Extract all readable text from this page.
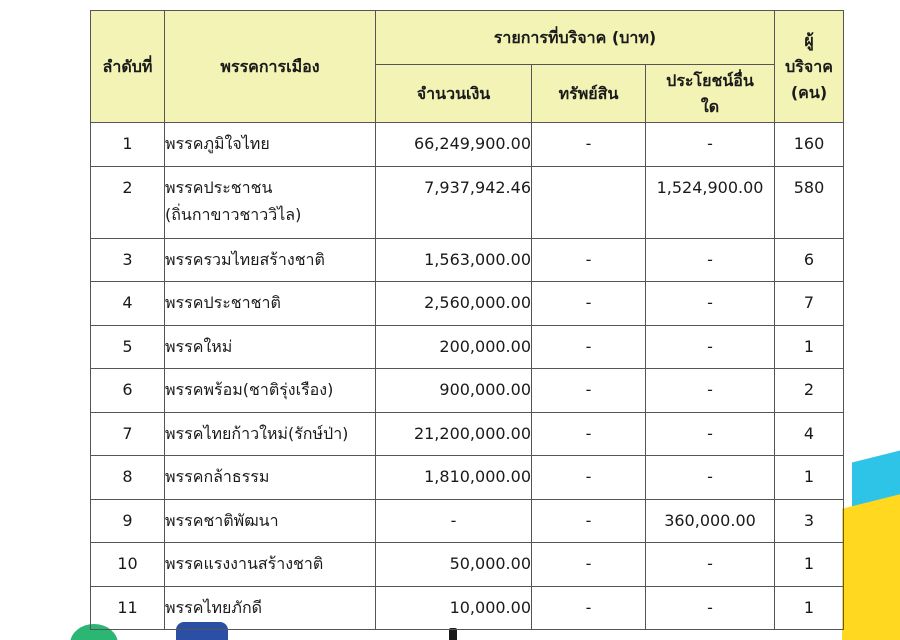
ลำดับที่	พรรคการเมือง	รายการที่บริจาค (บาท)			ผู้
บริจาค
(คน)

		จำนวนเงิน	ทรัพย์สิน	ประโยชน์อื่น
ใด	

1	พรรคภูมิใจไทย	66,249,900.00	-	-	160
2	พรรคประชาชน
(ถิ่นกาขาวชาววิไล)	7,937,942.46		1,524,900.00	580
3	พรรครวมไทยสร้างชาติ	1,563,000.00	-	-	6
4	พรรคประชาชาติ	2,560,000.00	-	-	7
5	พรรคใหม่	200,000.00	-	-	1
6	พรรคพร้อม(ชาติรุ่งเรือง)	900,000.00	-	-	2
7	พรรคไทยก้าวใหม่(รักษ์ป่า)	21,200,000.00	-	-	4
8	พรรคกล้าธรรม	1,810,000.00	-	-	1
9	พรรคชาติพัฒนา	-	-	360,000.00	3
10	พรรคแรงงานสร้างชาติ	50,000.00	-	-	1
11	พรรคไทยภักดี	10,000.00	-	-	1
